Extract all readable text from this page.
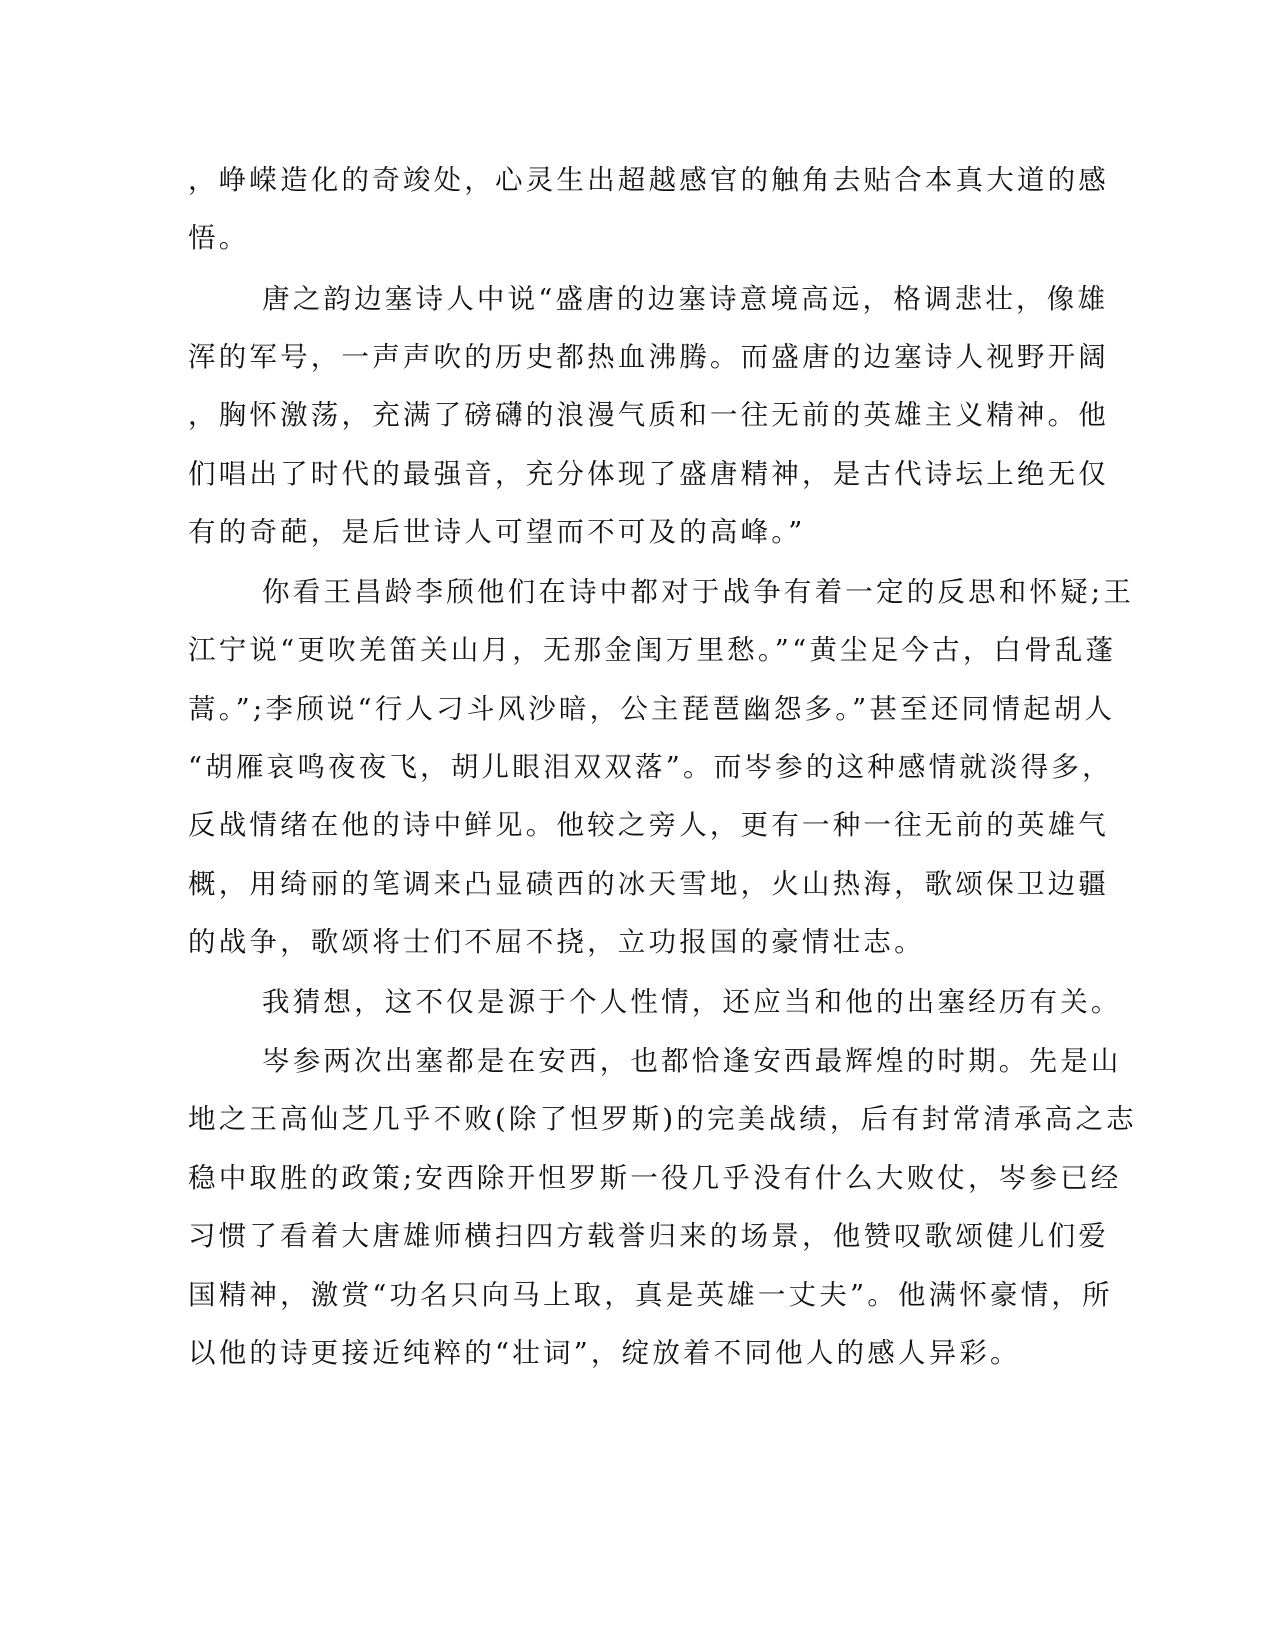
，峥嵘造化的奇竣处，心灵生出超越感官的触角去贴合本真大道的感
悟。
唐之韵边塞诗人中说“盛唐的边塞诗意境高远，格调悲壮，像雄
浑的军号，一声声吹的历史都热血沸腾。而盛唐的边塞诗人视野开阔
，胸怀激荡，充满了磅礴的浪漫气质和一往无前的英雄主义精神。他
们唱出了时代的最强音，充分体现了盛唐精神，是古代诗坛上绝无仅
有的奇葩，是后世诗人可望而不可及的高峰。”
你看王昌龄李颀他们在诗中都对于战争有着一定的反思和怀疑;王
江宁说“更吹羌笛关山月，无那金闺万里愁。”“黄尘足今古，白骨乱蓬
蒿。”;李颀说“行人刁斗风沙暗，公主琵琶幽怨多。”甚至还同情起胡人
“胡雁哀鸣夜夜飞，胡儿眼泪双双落”。而岑参的这种感情就淡得多，
反战情绪在他的诗中鲜见。他较之旁人，更有一种一往无前的英雄气
概，用绮丽的笔调来凸显碛西的冰天雪地，火山热海，歌颂保卫边疆
的战争，歌颂将士们不屈不挠，立功报国的豪情壮志。
我猜想，这不仅是源于个人性情，还应当和他的出塞经历有关。
岑参两次出塞都是在安西，也都恰逢安西最辉煌的时期。先是山
地之王高仙芝几乎不败(除了怛罗斯)的完美战绩，后有封常清承高之志
稳中取胜的政策;安西除开怛罗斯一役几乎没有什么大败仗，岑参已经
习惯了看着大唐雄师横扫四方载誉归来的场景，他赞叹歌颂健儿们爱
国精神，激赏“功名只向马上取，真是英雄一丈夫”。他满怀豪情，所
以他的诗更接近纯粹的“壮词”，绽放着不同他人的感人异彩。
